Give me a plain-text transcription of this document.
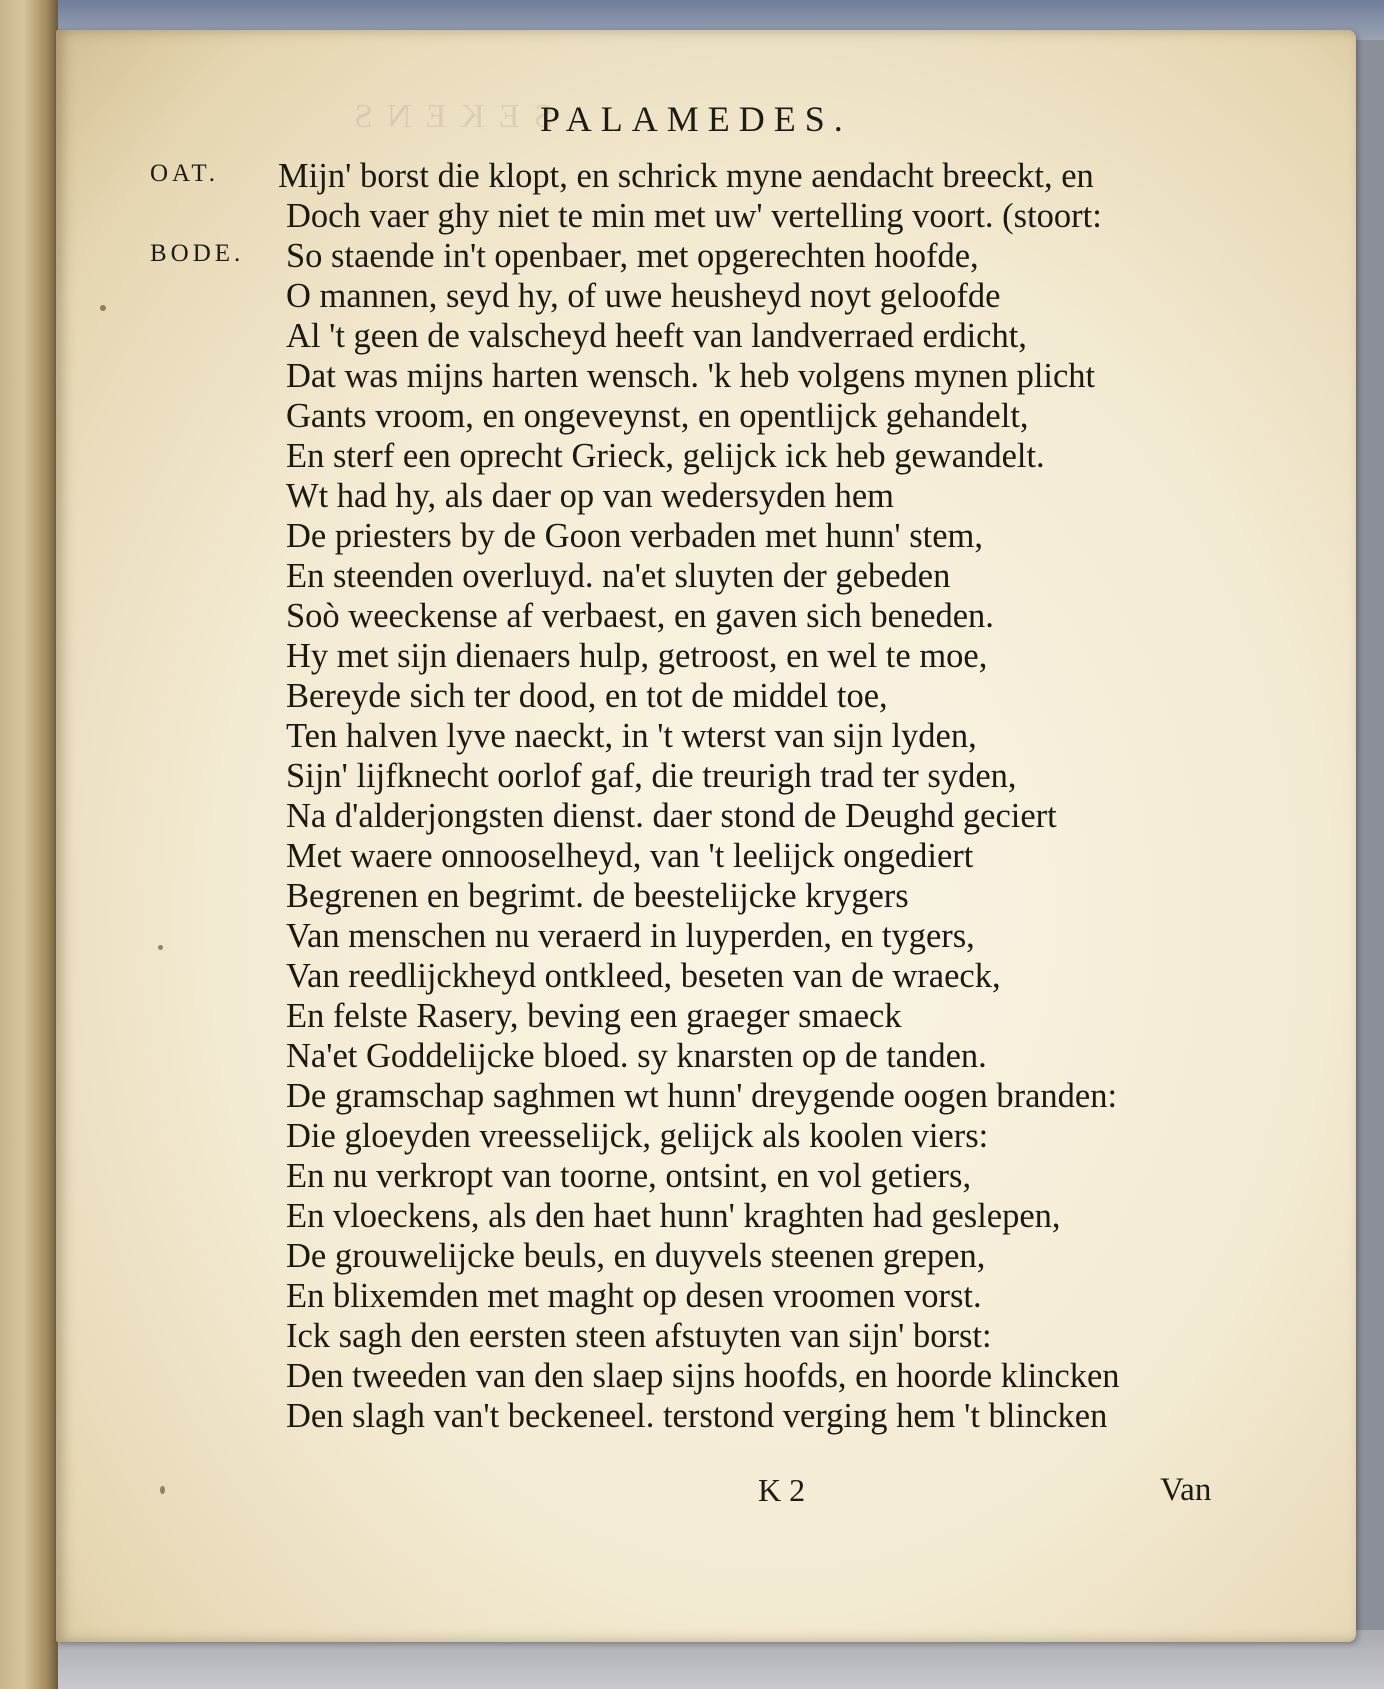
SEKENS
PALAMEDES.
OAT.
BODE.
Mijn' borst die klopt, en schrick myne aendacht breeckt, en
Doch vaer ghy niet te min met uw' vertelling voort. (stoort:
So staende in't openbaer, met opgerechten hoofde,
O mannen, seyd hy, of uwe heusheyd noyt geloofde
Al 't geen de valscheyd heeft van landverraed erdicht,
Dat was mijns harten wensch. 'k heb volgens mynen plicht
Gants vroom, en ongeveynst, en opentlijck gehandelt,
En sterf een oprecht Grieck, gelijck ick heb gewandelt.
Wt had hy, als daer op van wedersyden hem
De priesters by de Goon verbaden met hunn' stem,
En steenden overluyd. na'et sluyten der gebeden
Soò weeckense af verbaest, en gaven sich beneden.
Hy met sijn dienaers hulp, getroost, en wel te moe,
Bereyde sich ter dood, en tot de middel toe,
Ten halven lyve naeckt, in 't wterst van sijn lyden,
Sijn' lijfknecht oorlof gaf, die treurigh trad ter syden,
Na d'alderjongsten dienst. daer stond de Deughd geciert
Met waere onnooselheyd, van 't leelijck ongediert
Begrenen en begrimt. de beestelijcke krygers
Van menschen nu veraerd in luyperden, en tygers,
Van reedlijckheyd ontkleed, beseten van de wraeck,
En felste Rasery, beving een graeger smaeck
Na'et Goddelijcke bloed. sy knarsten op de tanden.
De gramschap saghmen wt hunn' dreygende oogen branden:
Die gloeyden vreesselijck, gelijck als koolen viers:
En nu verkropt van toorne, ontsint, en vol getiers,
En vloeckens, als den haet hunn' kraghten had geslepen,
De grouwelijcke beuls, en duyvels steenen grepen,
En blixemden met maght op desen vroomen vorst.
Ick sagh den eersten steen afstuyten van sijn' borst:
Den tweeden van den slaep sijns hoofds, en hoorde klincken
Den slagh van't beckeneel. terstond verging hem 't blincken
K 2	Van
